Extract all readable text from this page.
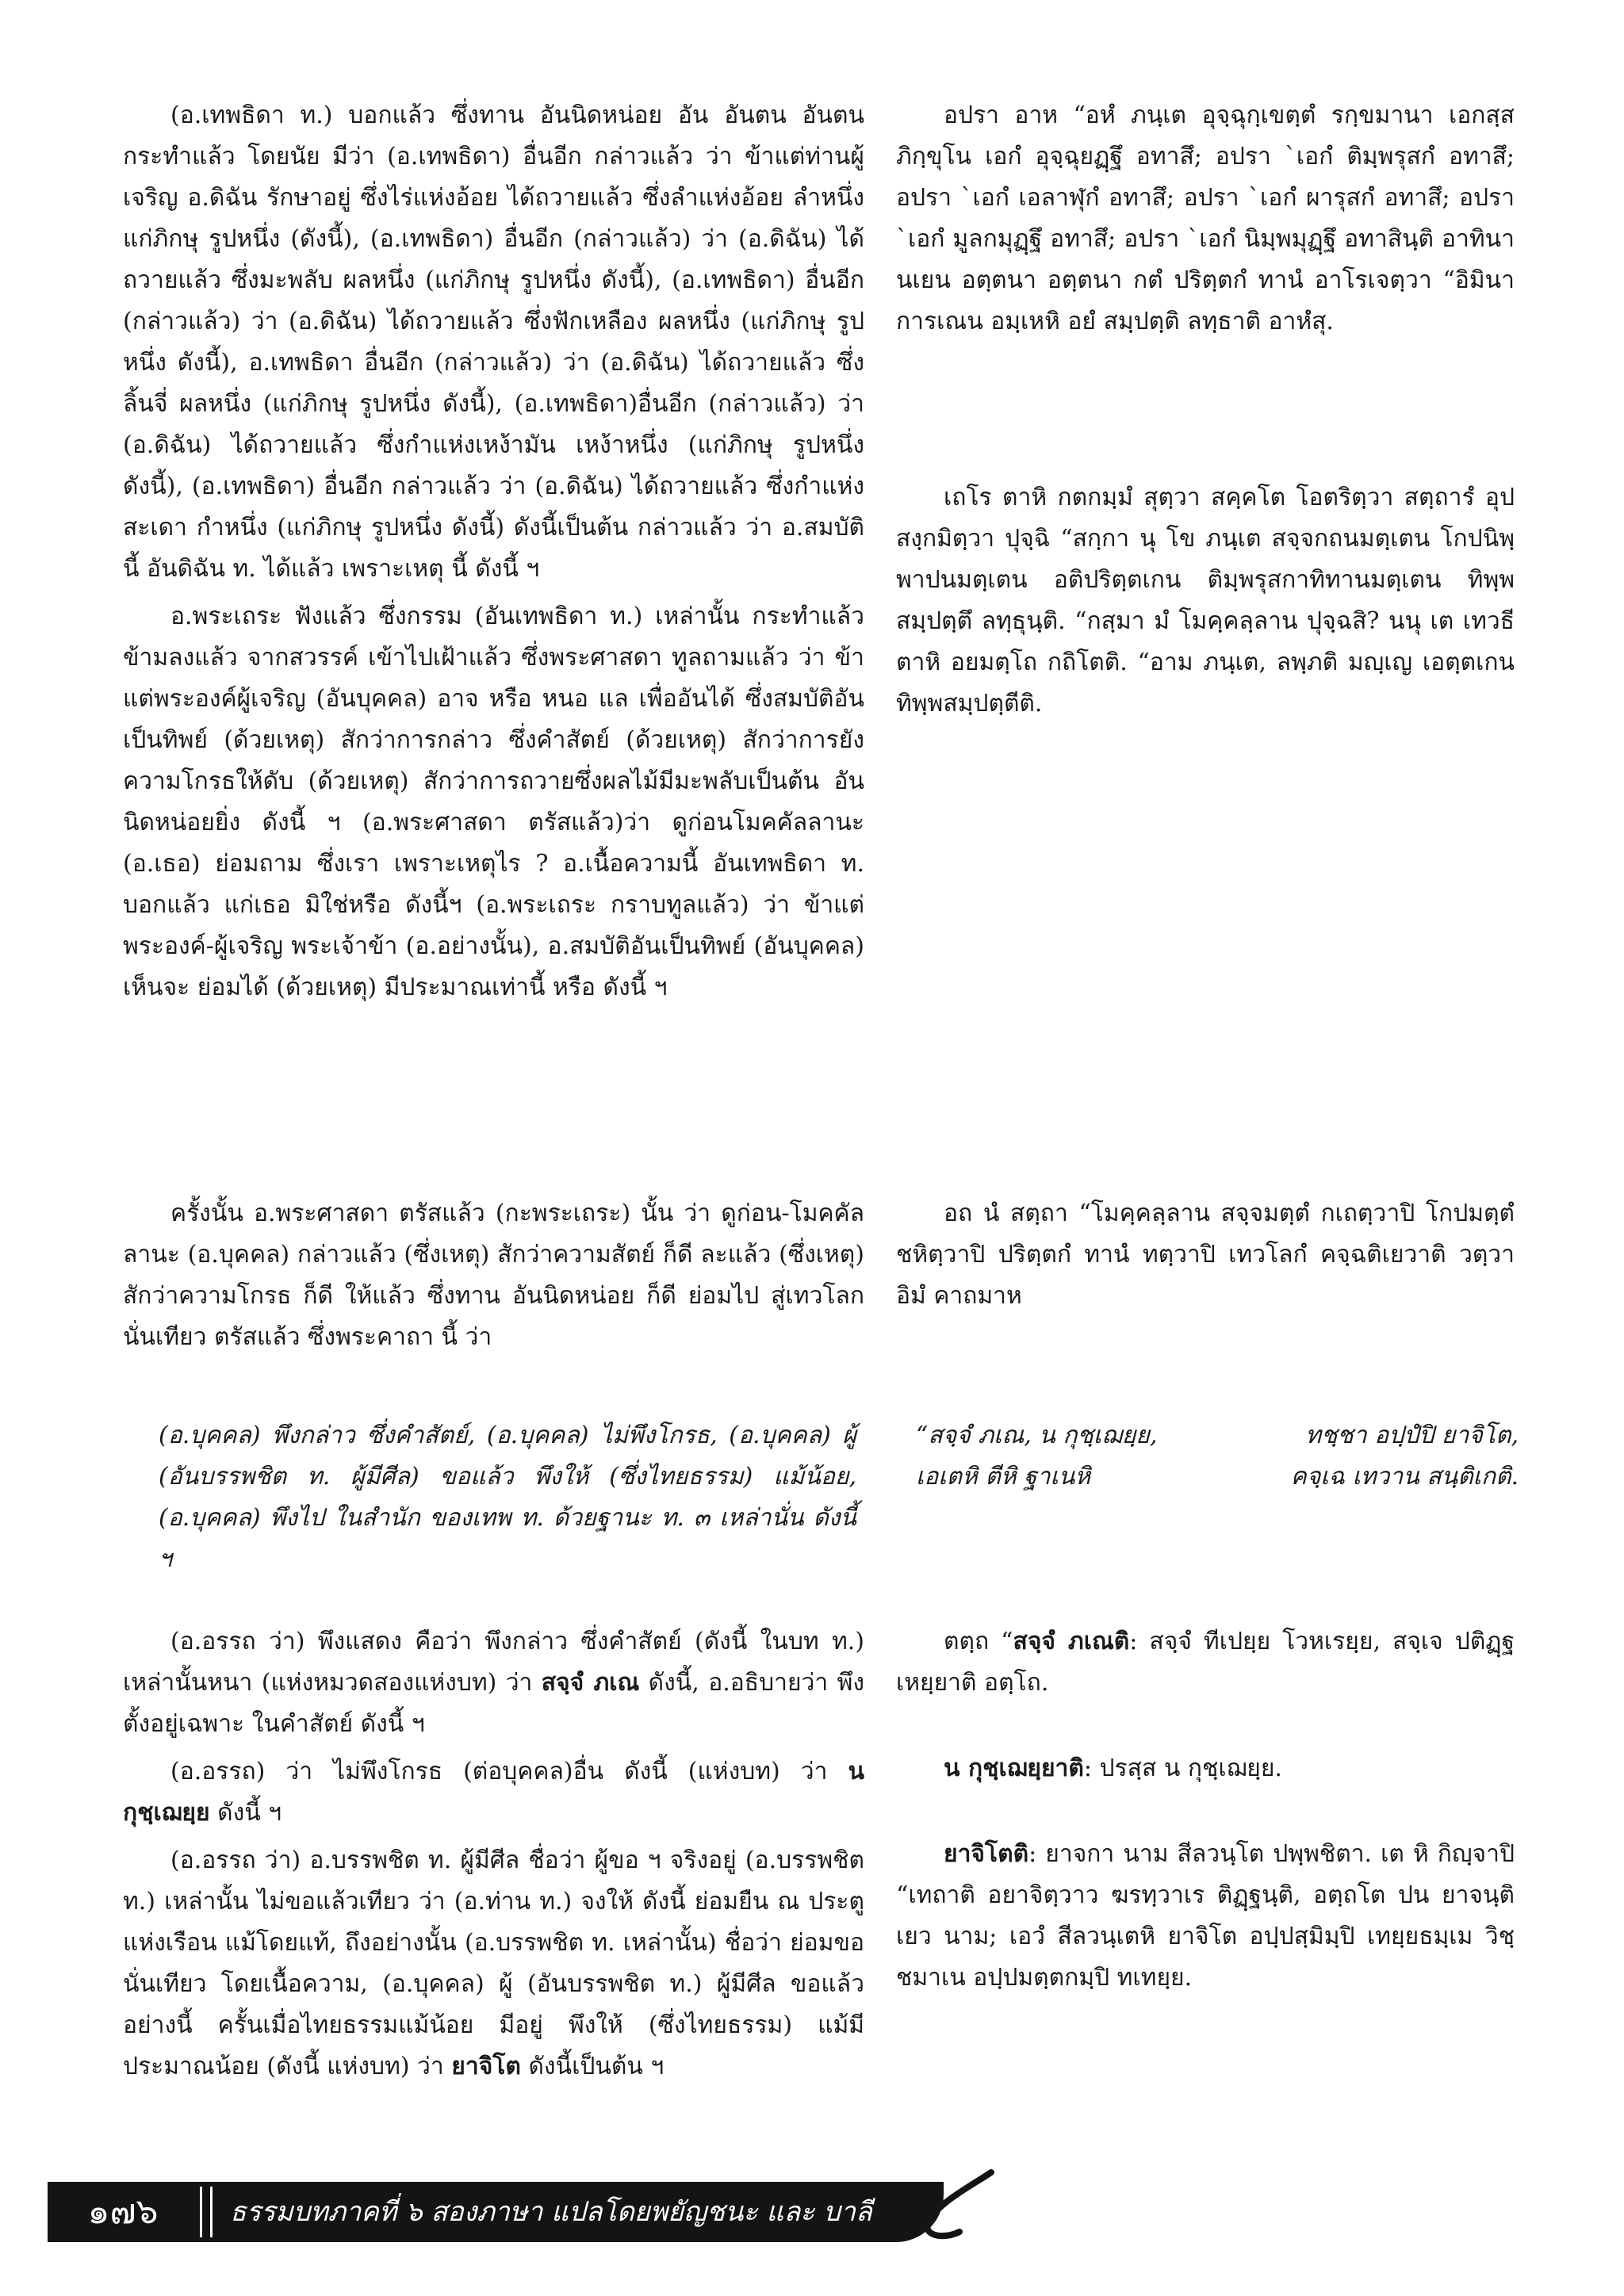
(อ.เทพธิดา ท.) บอกแล้ว ซึ่งทาน อันนิดหน่อย อัน อันตน อันตน กระทำแล้ว โดยนัย มีว่า (อ.เทพธิดา) อื่นอีก กล่าวแล้ว ว่า ข้าแต่ท่านผู้เจริญ อ.ดิฉัน รักษาอยู่ ซึ่งไร่แห่งอ้อย ได้ถวายแล้ว ซึ่งลำแห่งอ้อย ลำหนึ่ง แก่ภิกษุ รูปหนึ่ง (ดังนี้), (อ.เทพธิดา) อื่นอีก (กล่าวแล้ว) ว่า (อ.ดิฉัน) ได้ถวายแล้ว ซึ่งมะพลับ ผลหนึ่ง (แก่ภิกษุ รูปหนึ่ง ดังนี้), (อ.เทพธิดา) อื่นอีก (กล่าวแล้ว) ว่า (อ.ดิฉัน) ได้ถวายแล้ว ซึ่งฟักเหลือง ผลหนึ่ง (แก่ภิกษุ รูปหนึ่ง ดังนี้), อ.เทพธิดา อื่นอีก (กล่าวแล้ว) ว่า (อ.ดิฉัน) ได้ถวายแล้ว ซึ่งลิ้นจี่ ผลหนึ่ง (แก่ภิกษุ รูปหนึ่ง ดังนี้), (อ.เทพธิดา)อื่นอีก (กล่าวแล้ว) ว่า (อ.ดิฉัน) ได้ถวายแล้ว ซึ่งกำแห่งเหง้ามัน เหง้าหนึ่ง (แก่ภิกษุ รูปหนึ่ง ดังนี้), (อ.เทพธิดา) อื่นอีก กล่าวแล้ว ว่า (อ.ดิฉัน) ได้ถวายแล้ว ซึ่งกำแห่งสะเดา กำหนึ่ง (แก่ภิกษุ รูปหนึ่ง ดังนี้) ดังนี้เป็นต้น กล่าวแล้ว ว่า อ.สมบัติ นี้ อันดิฉัน ท. ได้แล้ว เพราะเหตุ นี้ ดังนี้ ฯ

อ.พระเถระ ฟังแล้ว ซึ่งกรรม (อันเทพธิดา ท.) เหล่านั้น กระทำแล้ว ข้ามลงแล้ว จากสวรรค์ เข้าไปเฝ้าแล้ว ซึ่งพระศาสดา ทูลถามแล้ว ว่า ข้าแต่พระองค์ผู้เจริญ (อันบุคคล) อาจ หรือ หนอ แล เพื่ออันได้ ซึ่งสมบัติอันเป็นทิพย์ (ด้วยเหตุ) สักว่าการกล่าว ซึ่งคำสัตย์ (ด้วยเหตุ) สักว่าการยังความโกรธให้ดับ (ด้วยเหตุ) สักว่าการถวายซึ่งผลไม้มีมะพลับเป็นต้น อันนิดหน่อยยิ่ง ดังนี้ ฯ (อ.พระศาสดา ตรัสแล้ว)ว่า ดูก่อนโมคคัลลานะ (อ.เธอ) ย่อมถาม ซึ่งเรา เพราะเหตุไร ? อ.เนื้อความนี้ อันเทพธิดา ท. บอกแล้ว แก่เธอ มิใช่หรือ ดังนี้ฯ (อ.พระเถระ กราบทูลแล้ว) ว่า ข้าแต่พระองค์-ผู้เจริญ พระเจ้าข้า (อ.อย่างนั้น), อ.สมบัติอันเป็นทิพย์ (อันบุคคล) เห็นจะ ย่อมได้ (ด้วยเหตุ) มีประมาณเท่านี้ หรือ ดังนี้ ฯ

อปรา อาห “อหํ ภนฺเต อุจฺฉุกฺเขตฺตํ รกฺขมานา เอกสฺส ภิกฺขุโน เอกํ อุจฺฉุยฏฺฐึ อทาสึ; อปรา `เอกํ ติมฺพรุสกํ อทาสึ; อปรา `เอกํ เอลาฬุกํ อทาสึ; อปรา `เอกํ ผารุสกํ อทาสึ; อปรา `เอกํ มูลกมุฏฺฐึ อทาสึ; อปรา `เอกํ นิมฺพมุฏฺฐึ อทาสินฺติ อาทินา นเยน อตฺตนา อตฺตนา กตํ ปริตฺตกํ ทานํ อาโรเจตฺวา “อิมินา การเณน อมฺเหหิ อยํ สมฺปตฺติ ลทฺธาติ อาหํสุ.

เถโร ตาหิ กตกมฺมํ สุตฺวา สคฺคโต โอตริตฺวา สตฺถารํ อุปสงฺกมิตฺวา ปุจฺฉิ “สกฺกา นุ โข ภนฺเต สจฺจกถนมตฺเตน โกปนิพฺพาปนมตฺเตน อติปริตฺตเกน ติมฺพรุสกาทิทานมตฺเตน ทิพฺพสมฺปตฺตึ ลทฺธุนฺติ. “กสฺมา มํ โมคฺคลฺลาน ปุจฺฉสิ? นนุ เต เทวธีตาหิ อยมตฺโถ กถิโตติ. “อาม ภนฺเต, ลพฺภติ มญฺเญ เอตฺตเกน ทิพฺพสมฺปตฺตีติ.

ครั้งนั้น อ.พระศาสดา ตรัสแล้ว (กะพระเถระ) นั้น ว่า ดูก่อน-โมคคัลลานะ (อ.บุคคล) กล่าวแล้ว (ซึ่งเหตุ) สักว่าความสัตย์ ก็ดี ละแล้ว (ซึ่งเหตุ) สักว่าความโกรธ ก็ดี ให้แล้ว ซึ่งทาน อันนิดหน่อย ก็ดี ย่อมไป สู่เทวโลก นั่นเทียว ตรัสแล้ว ซึ่งพระคาถา นี้ ว่า

อถ นํ สตฺถา “โมคฺคลฺลาน สจฺจมตฺตํ กเถตฺวาปิ โกปมตฺตํ ชหิตฺวาปิ ปริตฺตกํ ทานํ ทตฺวาปิ เทวโลกํ คจฺฉติเยวาติ วตฺวา อิมํ คาถมาห

(อ.บุคคล) พึงกล่าว ซึ่งคำสัตย์, (อ.บุคคล) ไม่พึงโกรธ, (อ.บุคคล) ผู้ (อันบรรพชิต ท. ผู้มีศีล) ขอแล้ว พึงให้ (ซึ่งไทยธรรม) แม้น้อย, (อ.บุคคล) พึงไป ในสำนัก ของเทพ ท. ด้วยฐานะ ท. ๓ เหล่านั่น ดังนี้ ฯ
“สจฺจํ ภเณ, น กุชฺเฌยฺย,	ทชฺชา อปฺปํปิ ยาจิโต,
เอเตหิ ตีหิ ฐาเนหิ	คจฺเฉ เทวาน สนฺติเกติ.

(อ.อรรถ ว่า) พึงแสดง คือว่า พึงกล่าว ซึ่งคำสัตย์ (ดังนี้ ในบท ท.) เหล่านั้นหนา (แห่งหมวดสองแห่งบท) ว่า สจฺจํ ภเณ ดังนี้, อ.อธิบายว่า พึงตั้งอยู่เฉพาะ ในคำสัตย์ ดังนี้ ฯ

(อ.อรรถ) ว่า ไม่พึงโกรธ (ต่อบุคคล)อื่น ดังนี้ (แห่งบท) ว่า น กุชฺเฌยฺย ดังนี้ ฯ

(อ.อรรถ ว่า) อ.บรรพชิต ท. ผู้มีศีล ชื่อว่า ผู้ขอ ฯ จริงอยู่ (อ.บรรพชิต ท.) เหล่านั้น ไม่ขอแล้วเทียว ว่า (อ.ท่าน ท.) จงให้ ดังนี้ ย่อมยืน ณ ประตูแห่งเรือน แม้โดยแท้, ถึงอย่างนั้น (อ.บรรพชิต ท. เหล่านั้น) ชื่อว่า ย่อมขอ นั่นเทียว โดยเนื้อความ, (อ.บุคคล) ผู้ (อันบรรพชิต ท.) ผู้มีศีล ขอแล้ว อย่างนี้ ครั้นเมื่อไทยธรรมแม้น้อย มีอยู่ พึงให้ (ซึ่งไทยธรรม) แม้มีประมาณน้อย (ดังนี้ แห่งบท) ว่า ยาจิโต ดังนี้เป็นต้น ฯ

ตตฺถ “สจฺจํ ภเณติ: สจฺจํ ทีเปยฺย โวหเรยฺย, สจฺเจ ปติฏฺฐเหยฺยาติ อตฺโถ.

น กุชฺเฌยฺยาติ: ปรสฺส น กุชฺเฌยฺย.

ยาจิโตติ: ยาจกา นาม สีลวนฺโต ปพฺพชิตา. เต หิ กิญฺจาปิ “เทถาติ อยาจิตฺวาว ฆรทฺวาเร ติฏฺฐนฺติ, อตฺถโต ปน ยาจนฺติเยว นาม; เอวํ สีลวนฺเตหิ ยาจิโต อปฺปสฺมิมฺปิ เทยฺยธมฺเม วิชฺชมาเน อปฺปมตฺตกมฺปิ ทเทยฺย.

๑๗๖	ธรรมบทภาคที่ ๖ สองภาษา แปลโดยพยัญชนะ และ บาลี
